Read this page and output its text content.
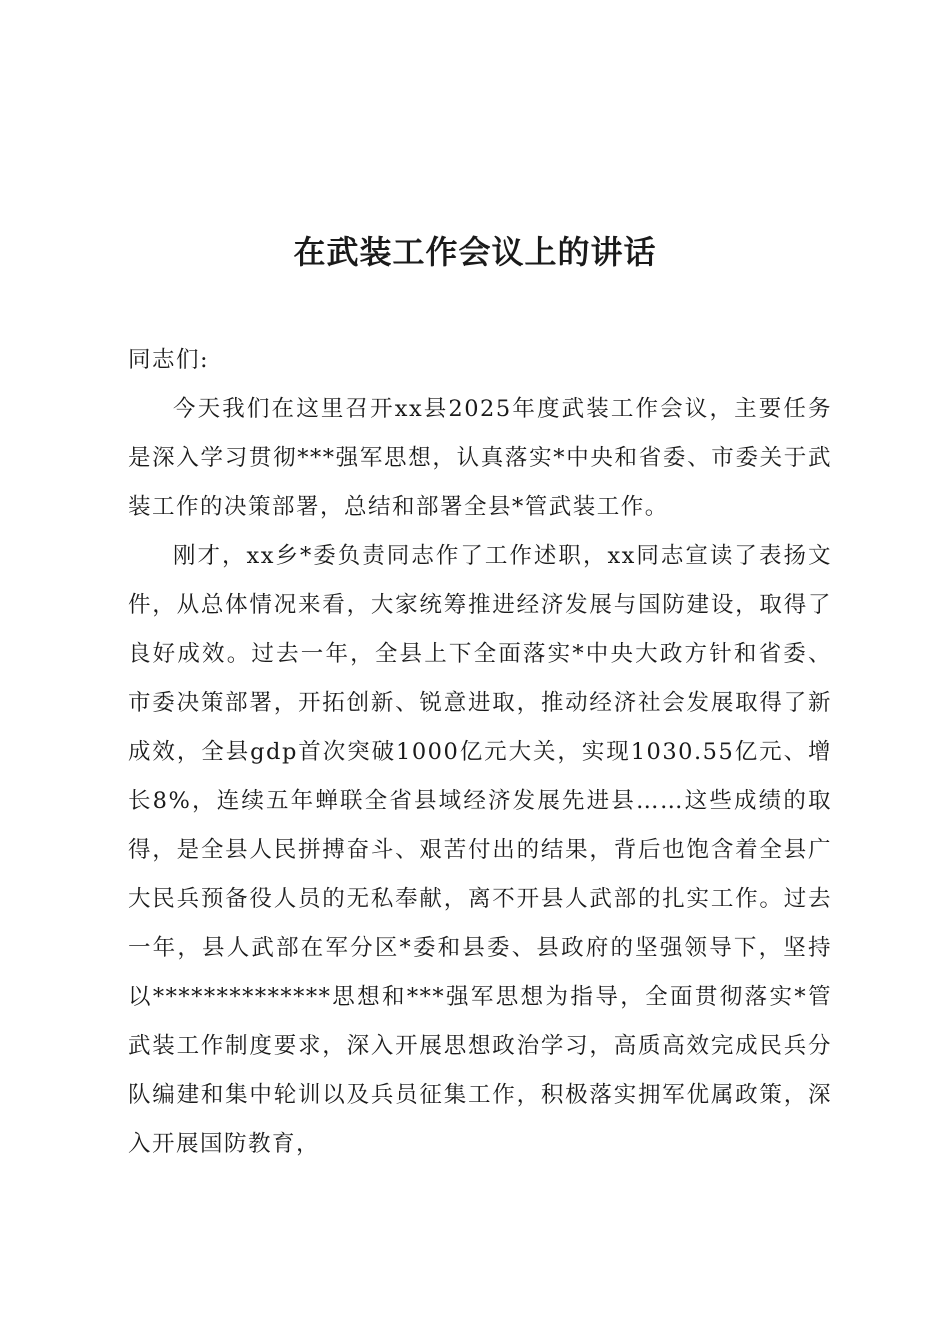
在武装工作会议上的讲话

同志们:

今天我们在这里召开xx县2025年度武装工作会议，主要任务是深入学习贯彻***强军思想，认真落实*中央和省委、市委关于武装工作的决策部署，总结和部署全县*管武装工作。

刚才，xx乡*委负责同志作了工作述职，xx同志宣读了表扬文件，从总体情况来看，大家统筹推进经济发展与国防建设，取得了良好成效。过去一年，全县上下全面落实*中央大政方针和省委、市委决策部署，开拓创新、锐意进取，推动经济社会发展取得了新成效，全县gdp首次突破1000亿元大关，实现1030.55亿元、增长8%，连续五年蝉联全省县域经济发展先进县……这些成绩的取得，是全县人民拼搏奋斗、艰苦付出的结果，背后也饱含着全县广大民兵预备役人员的无私奉献，离不开县人武部的扎实工作。过去一年，县人武部在军分区*委和县委、县政府的坚强领导下，坚持以**************思想和***强军思想为指导，全面贯彻落实*管武装工作制度要求，深入开展思想政治学习，高质高效完成民兵分队编建和集中轮训以及兵员征集工作，积极落实拥军优属政策，深入开展国防教育，
